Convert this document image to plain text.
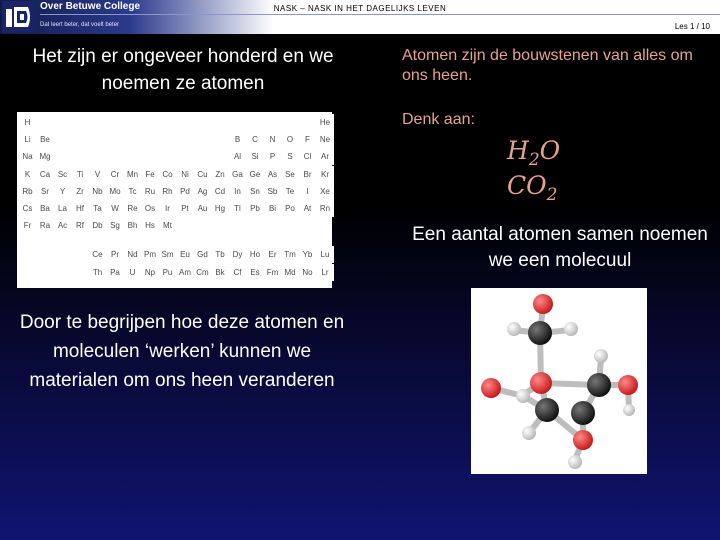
Over Betuwe College
Dat leert beter, dat voelt beter
NASK – NASK IN HET DAGELIJKS LEVEN
Les 1 / 10
Het zijn er ongeveer honderd en we noemen ze atomen
H	He
Li	Be	B	C	N	O	F	Ne
Na Mg	Al	Si	P	S	Cl	Ar
K	Ca Sc	Ti	V	Cr Mn Fe Co	Ni	Cu Zn Ga Ge As Se	Br	Kr
Rb	Sr	Y	Zr	Nb Mo Tc	Ru Rh Pd Ag Cd	In	Sn Sb	Te	I	Xe
Cs Ba	La	Hf	Ta	W	Re Os	Ir	Pt	Au Hg	Tl	Pb	Bi	Po	At	Rn
Fr	Ra Ac	Rf	Db Sg Bh Hs	Mt
Ce	Pr	Nd Pm Sm Eu Gd Tb Dy Ho	Er Tm Yb	Lu
Th Pa	U	Np Pu Am Cm Bk	Cf	Es Fm Md No	Lr
Door te begrijpen hoe deze atomen en moleculen ‘werken’ kunnen we materialen om ons heen veranderen
Atomen zijn de bouwstenen van alles om ons heen.
Denk aan:
$H_2O$
$CO_2$
Een aantal atomen samen noemen we een molecuul
